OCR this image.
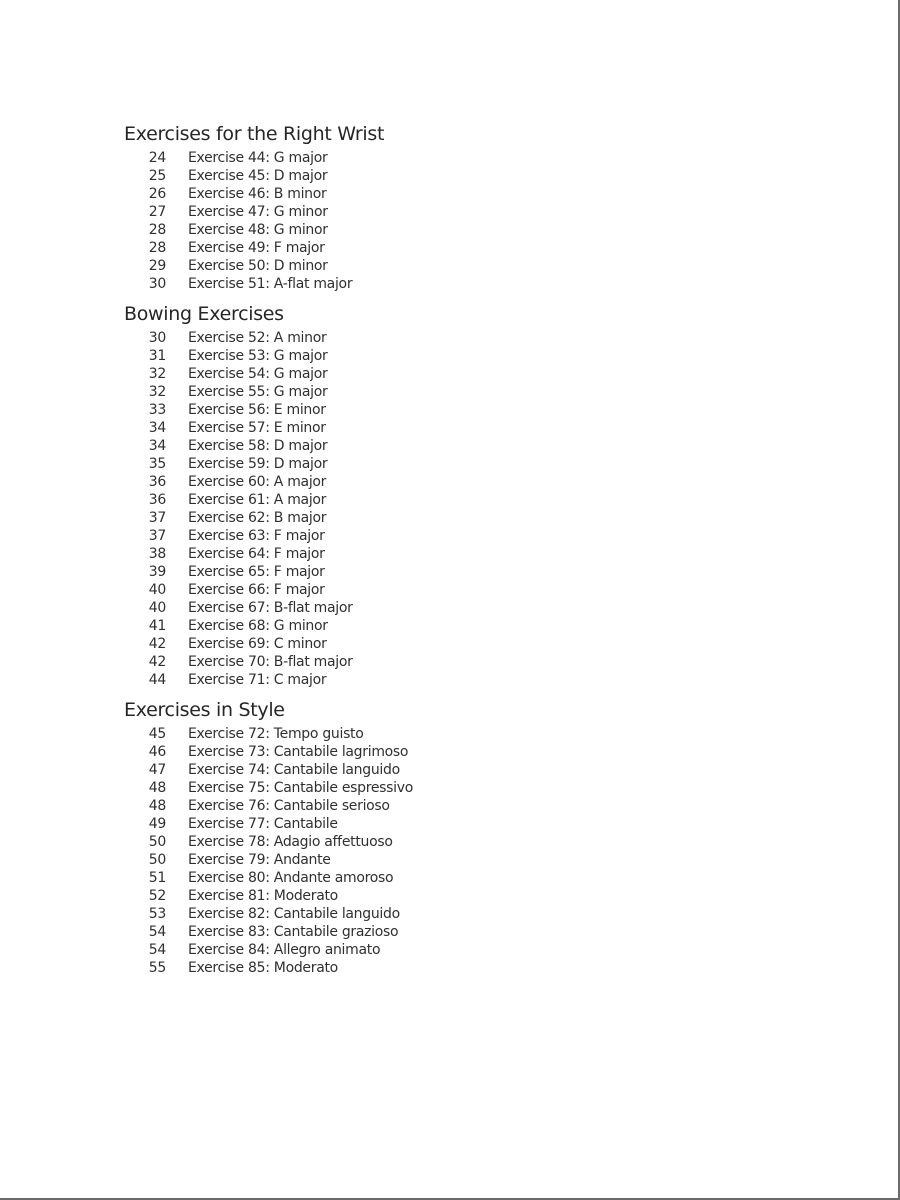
Exercises for the Right Wrist
24 Exercise 44: G major
25 Exercise 45: D major
26 Exercise 46: B minor
27 Exercise 47: G minor
28 Exercise 48: G minor
28 Exercise 49: F major
29 Exercise 50: D minor
30 Exercise 51: A-flat major
Bowing Exercises
30 Exercise 52: A minor
31 Exercise 53: G major
32 Exercise 54: G major
32 Exercise 55: G major
33 Exercise 56: E minor
34 Exercise 57: E minor
34 Exercise 58: D major
35 Exercise 59: D major
36 Exercise 60: A major
36 Exercise 61: A major
37 Exercise 62: B major
37 Exercise 63: F major
38 Exercise 64: F major
39 Exercise 65: F major
40 Exercise 66: F major
40 Exercise 67: B-flat major
41 Exercise 68: G minor
42 Exercise 69: C minor
42 Exercise 70: B-flat major
44 Exercise 71: C major
Exercises in Style
45 Exercise 72: Tempo guisto
46 Exercise 73: Cantabile lagrimoso
47 Exercise 74: Cantabile languido
48 Exercise 75: Cantabile espressivo
48 Exercise 76: Cantabile serioso
49 Exercise 77: Cantabile
50 Exercise 78: Adagio affettuoso
50 Exercise 79: Andante
51 Exercise 80: Andante amoroso
52 Exercise 81: Moderato
53 Exercise 82: Cantabile languido
54 Exercise 83: Cantabile grazioso
54 Exercise 84: Allegro animato
55 Exercise 85: Moderato
